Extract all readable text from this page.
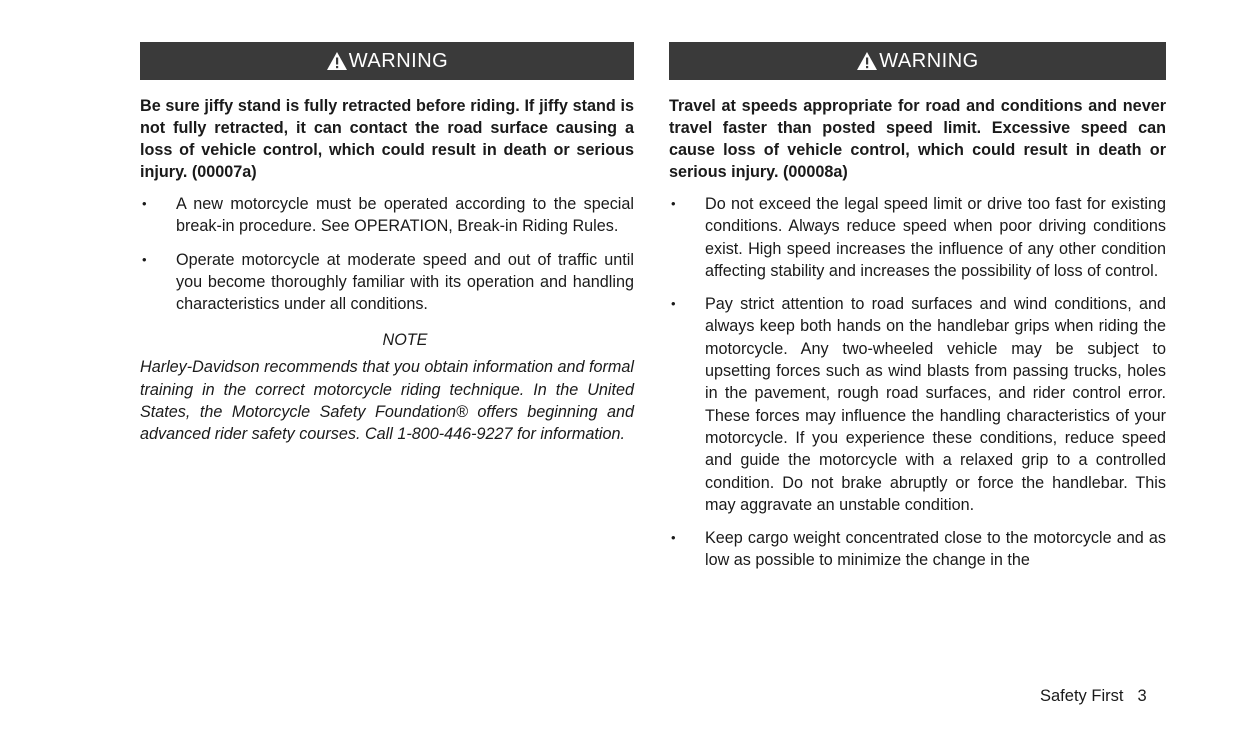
WARNING
Be sure jiffy stand is fully retracted before riding. If jiffy stand is not fully retracted, it can contact the road surface causing a loss of vehicle control, which could result in death or serious injury. (00007a)
• A new motorcycle must be operated according to the special break-in procedure. See OPERATION, Break-in Riding Rules.
• Operate motorcycle at moderate speed and out of traffic until you become thoroughly familiar with its operation and handling characteristics under all conditions.
NOTE
Harley-Davidson recommends that you obtain information and formal training in the correct motorcycle riding technique. In the United States, the Motorcycle Safety Foundation® offers beginning and advanced rider safety courses. Call 1-800-446-9227 for information.
WARNING
Travel at speeds appropriate for road and conditions and never travel faster than posted speed limit. Excessive speed can cause loss of vehicle control, which could result in death or serious injury. (00008a)
• Do not exceed the legal speed limit or drive too fast for existing conditions. Always reduce speed when poor driving conditions exist. High speed increases the influence of any other condition affecting stability and increases the possibility of loss of control.
• Pay strict attention to road surfaces and wind conditions, and always keep both hands on the handlebar grips when riding the motorcycle. Any two-wheeled vehicle may be subject to upsetting forces such as wind blasts from passing trucks, holes in the pavement, rough road surfaces, and rider control error. These forces may influence the handling characteristics of your motorcycle. If you experience these conditions, reduce speed and guide the motorcycle with a relaxed grip to a controlled condition. Do not brake abruptly or force the handlebar. This may aggravate an unstable condition.
• Keep cargo weight concentrated close to the motorcycle and as low as possible to minimize the change in the
Safety First 3
